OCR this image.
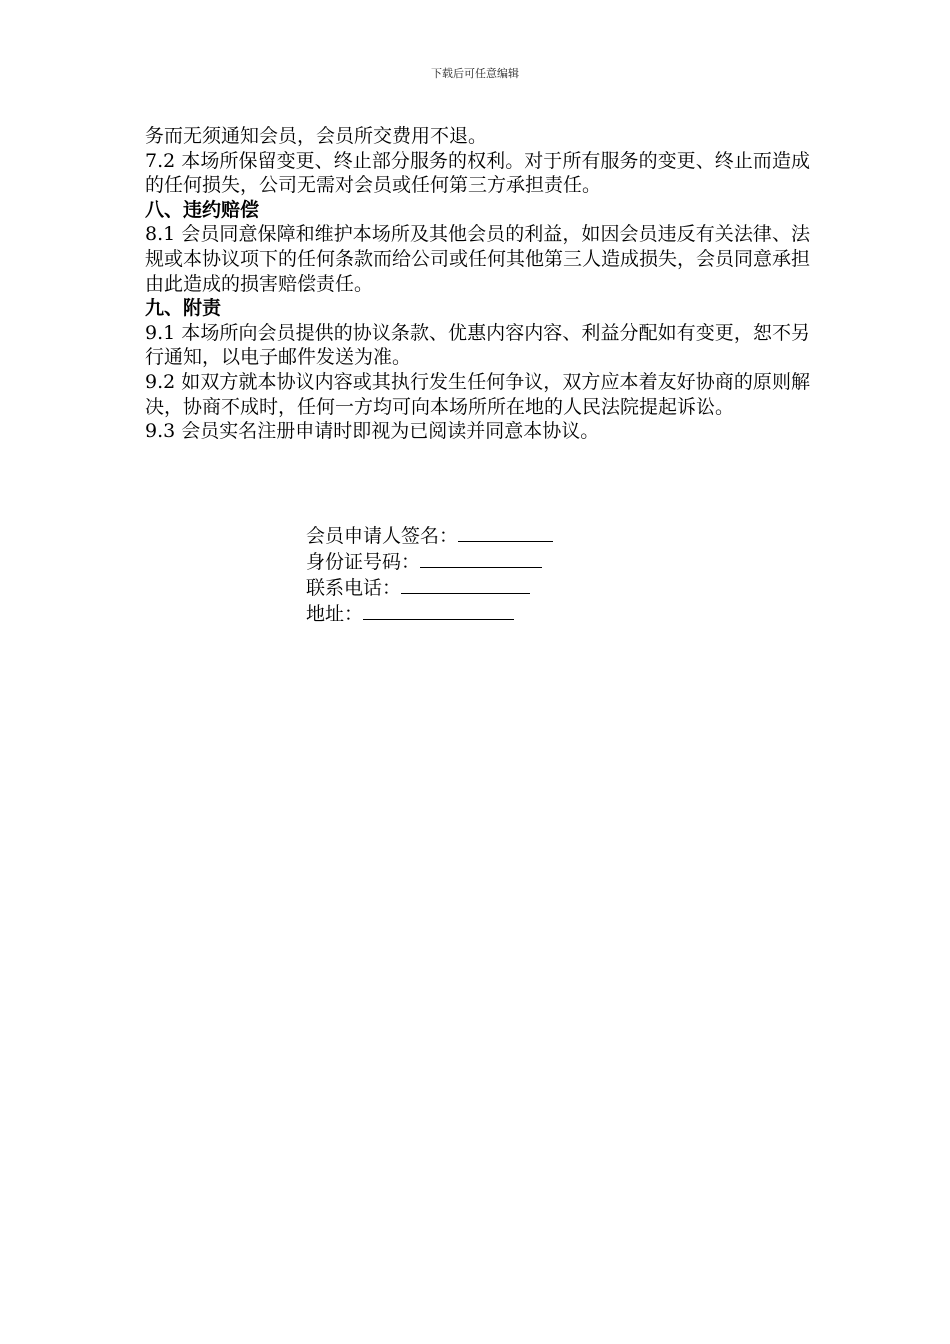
下载后可任意编辑

务而无须通知会员，会员所交费用不退。

7.2 本场所保留变更、终止部分服务的权利。对于所有服务的变更、终止而造成的任何损失，公司无需对会员或任何第三方承担责任。

八、违约赔偿

8.1 会员同意保障和维护本场所及其他会员的利益，如因会员违反有关法律、法规或本协议项下的任何条款而给公司或任何其他第三人造成损失，会员同意承担由此造成的损害赔偿责任。

九、附责

9.1 本场所向会员提供的协议条款、优惠内容内容、利益分配如有变更，恕不另行通知，以电子邮件发送为准。

9.2 如双方就本协议内容或其执行发生任何争议，双方应本着友好协商的原则解决，协商不成时，任何一方均可向本场所所在地的人民法院提起诉讼。

9.3 会员实名注册申请时即视为已阅读并同意本协议。

会员申请人签名：
身份证号码：
联系电话：
地址：
